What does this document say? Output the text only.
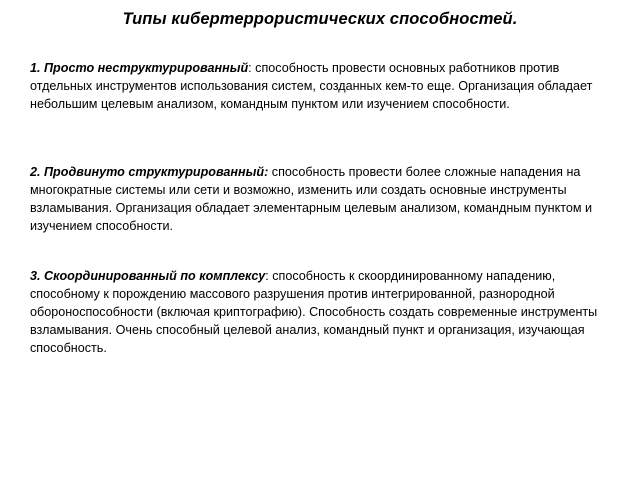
Типы кибертеррористических способностей.
1. Просто неструктурированный: способность провести основных работников против отдельных инструментов использования систем, созданных кем-то еще. Организация обладает небольшим целевым анализом, командным пунктом или изучением способности.
2. Продвинуто структурированный: способность провести более сложные нападения на многократные системы или сети и возможно, изменить или создать основные инструменты взламывания. Организация обладает элементарным целевым анализом, командным пунктом и изучением способности.
3. Скоординированный по комплексу: способность к скоординированному нападению, способному к порождению массового разрушения против интегрированной, разнородной обороноспособности (включая криптографию). Способность создать современные инструменты взламывания. Очень способный целевой анализ, командный пункт и организация, изучающая способность.
